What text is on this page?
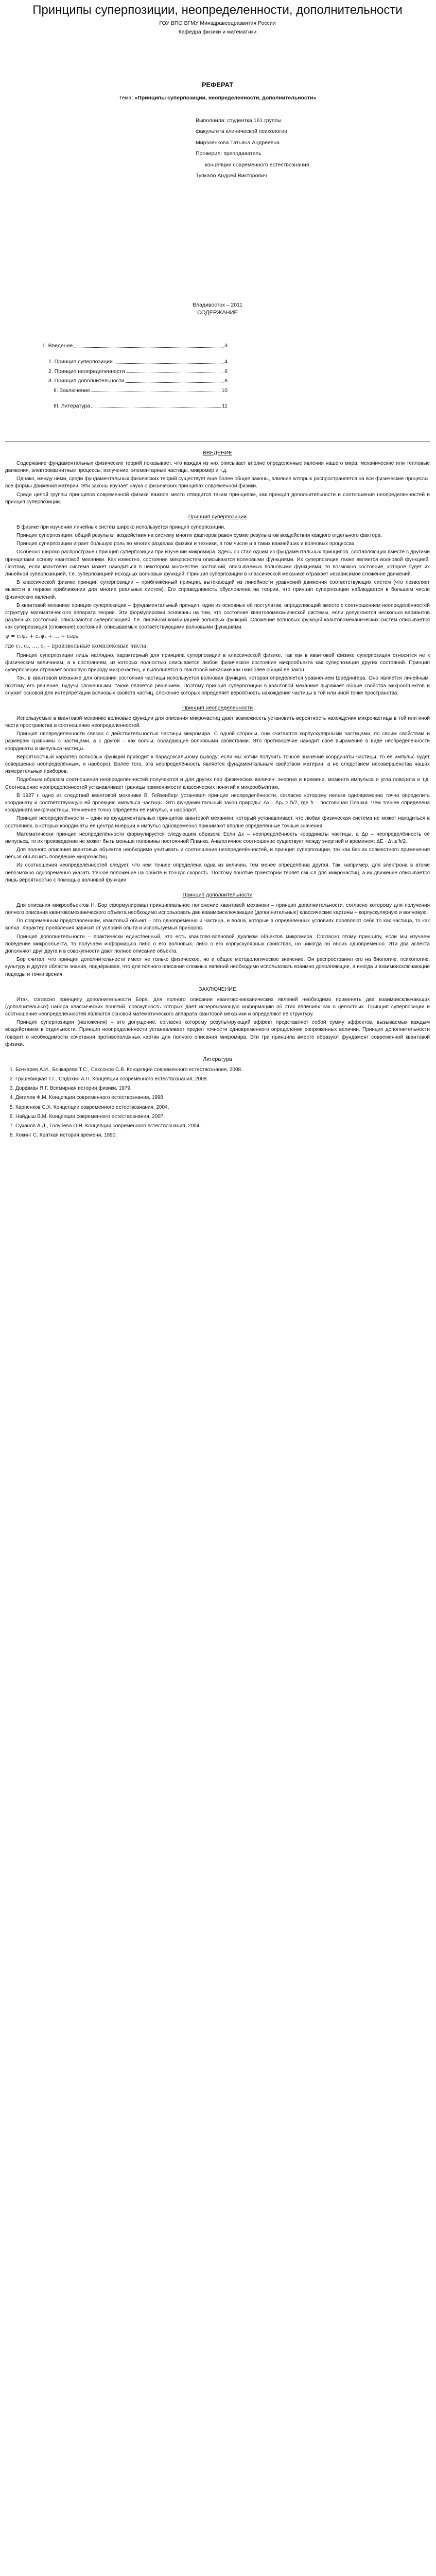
Принципы суперпозиции, неопределенности, дополнительности
ГОУ ВПО ВГМУ Минздравсоцразвития России
Кафедра физики и математики
РЕФЕРАТ
Тема: «Принципы суперпозиции, неопределенности, дополнительности»
Выполнила: студентка 161 группы
факультета клинической психологии
Мирзоенкова Татьяна Андреевна
Проверил: преподаватель
концепции современного естествознания
Тупкало Андрей Викторович
Владивосток – 2011
СОДЕРЖАНИЕ
1. Введение	3
1. Принцип суперпозиции	4
2. Принцип неопределенности	6
3. Принцип дополнительности	8
II. Заключение	10
III. Литература	11
ВВЕДЕНИЕ

Содержание фундаментальных физических теорий показывает, что каждая из них описывает вполне определенные явления нашего мира: механические или тепловые движения, электромагнитные процессы, излучение, элементарные частицы, микромир и т.д.

Однако, между ними, среди фундаментальных физических теорий существует еще более общие законы, влияние которых распространяется на все физические процессы, все формы движения материи. Эти законы изучает наука о физических принципах современной физики.

Среди целой группы принципов современной физики важное место отводится таким принципам, как принцип дополнительности и соотношения неопределенностей и принцип суперпозиции.

Принцип суперпозиции

В физике при изучении линейных систем широко используется принцип суперпозиции.

Принцип суперпозиции: общий результат воздействия на систему многих факторов равен сумме результатов воздействия каждого отдельного фактора.

Принцип суперпозиции играет большую роль во многих разделах физики и техники, в том числе и в таких важнейших и волновых процессах.

Особенно широко распространен принцип суперпозиции при изучении микромира. Здесь он стал одним из фундаментальных принципов, составляющих вместе с другими принципами основу квантовой механики. Как известно, состояния микросистем описываются волновыми функциями. Их суперпозиция также является волновой функцией. Поэтому, если квантовая система может находиться в некотором множестве состояний, описываемых волновыми функциями, то возможно состояние, которое будет их линейной суперпозицией, т.е. суперпозицией исходных волновых функций. Принцип суперпозиции в классической механике отражает независимое сложение движений.

В классической физике принцип суперпозиции – приближённый принцип, вытекающий из линейности уравнений движения соответствующих систем (что позволяет вывести в первом приближении для многих реальных систем). Его справедливость обусловлена на теории, что принцип суперпозиции наблюдается в большом числе физических явлений.

В квантовой механике принцип суперпозиции – фундаментальный принцип, один из основных её постулатов, определяющий вместе с соотношением неопределённостей структуру математического аппарата теории. Эти формулировки основаны на том, что состояние квантовомеханической системы, если допускаются несколько вариантов различных состояний, описываются суперпозицией, т.е. линейной комбинацией волновых функций. Сложение волновых функций квантовомеханических систем описывается как суперпозиция (сложение) состояний, описываемых соответствующими волновыми функциями.

ψ = c₁ψ₁ + c₂ψ₂ + … + cₙψₙ
где c₁, c₂, …, cₙ – произвольные комплексные числа.

Принцип суперпозиции лишь наглядно, характерный для принципа суперпозиции в классической физике, так как в квантовой физике суперпозиция относится не к физическим величинам, а к состояниям, из которых полностью описывается любое физическое состояние микрообъекта как суперпозиция других состояний. Принцип суперпозиции отражает волновую природу микрочастиц, и выполняется в квантовой механике как наиболее общий её закон.

Так, в квантовой механике для описания состояния частицы используется волновая функция, которая определяется уравнением Шредингера. Оно является линейным, поэтому его решение, будучи сложенными, также является решением. Поэтому принцип суперпозиции в квантовой механике выражает общие свойства микрообъектов и служит основой для интерпретации волновых свойств частиц, сложение которых определяет вероятность нахождения частицы в той или иной точке пространства.

Принцип неопределенности

Используемые в квантовой механике волновые функции для описания микрочастиц дают возможность установить вероятность нахождения микрочастицы в той или иной части пространства и соотношение неопределенностей.

Принцип неопределенности связан с действительностью частицы микромира. С одной стороны, они считаются корпускулярными частицами, по своим свойствам и размерам сравнимы с частицами, а с другой – как волны, обладающие волновыми свойствами. Это противоречие находит своё выражение в виде неопределённости координаты и импульса частицы.

Вероятностный характер волновых функций приводит к парадоксальному выводу: если мы хотим получить точное значение координаты частицы, то её импульс будет совершенно неопределённым, и наоборот. Более того, эта неопределённость является фундаментальным свойством материи, а не следствием несовершенства наших измерительных приборов.

Подобным образом соотношения неопределённостей получаются и для других пар физических величин: энергии и времени, момента импульса и угла поворота и т.д. Соотношение неопределенностей устанавливает границы применимости классических понятий к микрообъектам.

В 1927 г. одно из следствий квантовой механики В. Гейзенберг установил принцип неопределённости, согласно которому нельзя одновременно точно определить координату и соответствующую ей проекцию импульса частицы. Это фундаментальный закон природы: Δx · Δpₓ ≥ ħ/2, где ħ – постоянная Планка. Чем точнее определена координата микрочастицы, тем менее точно определён её импульс, и наоборот.

Принцип неопределённости – один из фундаментальных принципов квантовой механики, который устанавливает, что любая физическая система не может находиться в состояниях, в которых координаты её центра инерции и импульс одновременно принимают вполне определённые точные значения.

Математически принцип неопределённости формулируется следующим образом: Если Δx – неопределённость координаты частицы, а Δp – неопределённость её импульса, то их произведение не может быть меньше половины постоянной Планка. Аналогичное соотношение существует между энергией и временем: ΔE · Δt ≥ ħ/2.

Для полного описания квантовых объектов необходимо учитывать и соотношение неопределённостей, и принцип суперпозиции, так как без их совместного применения нельзя объяснить поведение микрочастиц.

Из соотношения неопределённостей следует, что чем точнее определена одна из величин, тем менее определённа другая. Так, например, для электрона в атоме невозможно одновременно указать точное положение на орбите и точную скорость. Поэтому понятие траектории теряет смысл для микрочастиц, а их движение описывается лишь вероятностно с помощью волновой функции.

Принцип дополнительности

Для описания микрообъектов Н. Бор сформулировал принципиальное положение квантовой механики – принцип дополнительности, согласно которому для получения полного описания квантовомеханического объекта необходимо использовать две взаимоисключающие (дополнительные) классические картины – корпускулярную и волновую.

По современным представлениям, квантовый объект – это одновременно и частица, и волна, которые в определённых условиях проявляют себя то как частица, то как волна. Характер проявления зависит от условий опыта и используемых приборов.

Принцип дополнительности – практически единственный, что есть квантово-волновой дуализм объектов микромира. Согласно этому принципу, если мы изучаем поведение микрообъекта, то получаем информацию либо о его волновых, либо о его корпускулярных свойствах, но никогда об обоих одновременно. Эти два аспекта дополняют друг друга и в совокупности дают полное описание объекта.

Бор считал, что принцип дополнительности имеет не только физическое, но и общее методологическое значение. Он распространял его на биологию, психологию, культуру и другие области знания, подчёркивая, что для полного описания сложных явлений необходимо использовать взаимно дополняющие, а иногда и взаимоисключающие подходы и точки зрения.

ЗАКЛЮЧЕНИЕ

Итак, согласно принципу дополнительности Бора, для полного описания квантово-механических явлений необходимо применять два взаимоисключающих (дополнительных) набора классических понятий, совокупность которых даёт исчерпывающую информацию об этих явлениях как о целостных. Принцип суперпозиции и соотношение неопределённостей являются основой математического аппарата квантовой механики и определяют её структуру.

Принцип суперпозиции (наложения) – это допущение, согласно которому результирующий эффект представляет собой сумму эффектов, вызываемых каждым воздействием в отдельности. Принцип неопределённости устанавливает предел точности одновременного определения сопряжённых величин. Принцип дополнительности говорит о необходимости сочетания противоположных картин для полного описания микромира. Эти три принципа вместе образуют фундамент современной квантовой физики.

Литература
1. Бочкарев А.И., Бочкарева Т.С., Саксонов С.В. Концепции современного естествознания, 2008.
2. Грушевицкая Т.Г., Садохин А.П. Концепции современного естествознания, 2008.
3. Дорфман Я.Г. Всемирная история физики, 1979.
4. Дягилев Ф.М. Концепции современного естествознания, 1998.
5. Карпенков С.Х. Концепции современного естествознания, 2004.
6. Найдыш В.М. Концепции современного естествознания, 2007.
7. Суханов А.Д., Голубева О.Н. Концепции современного естествознания, 2004.
8. Хокинг С. Краткая история времени, 1990.
